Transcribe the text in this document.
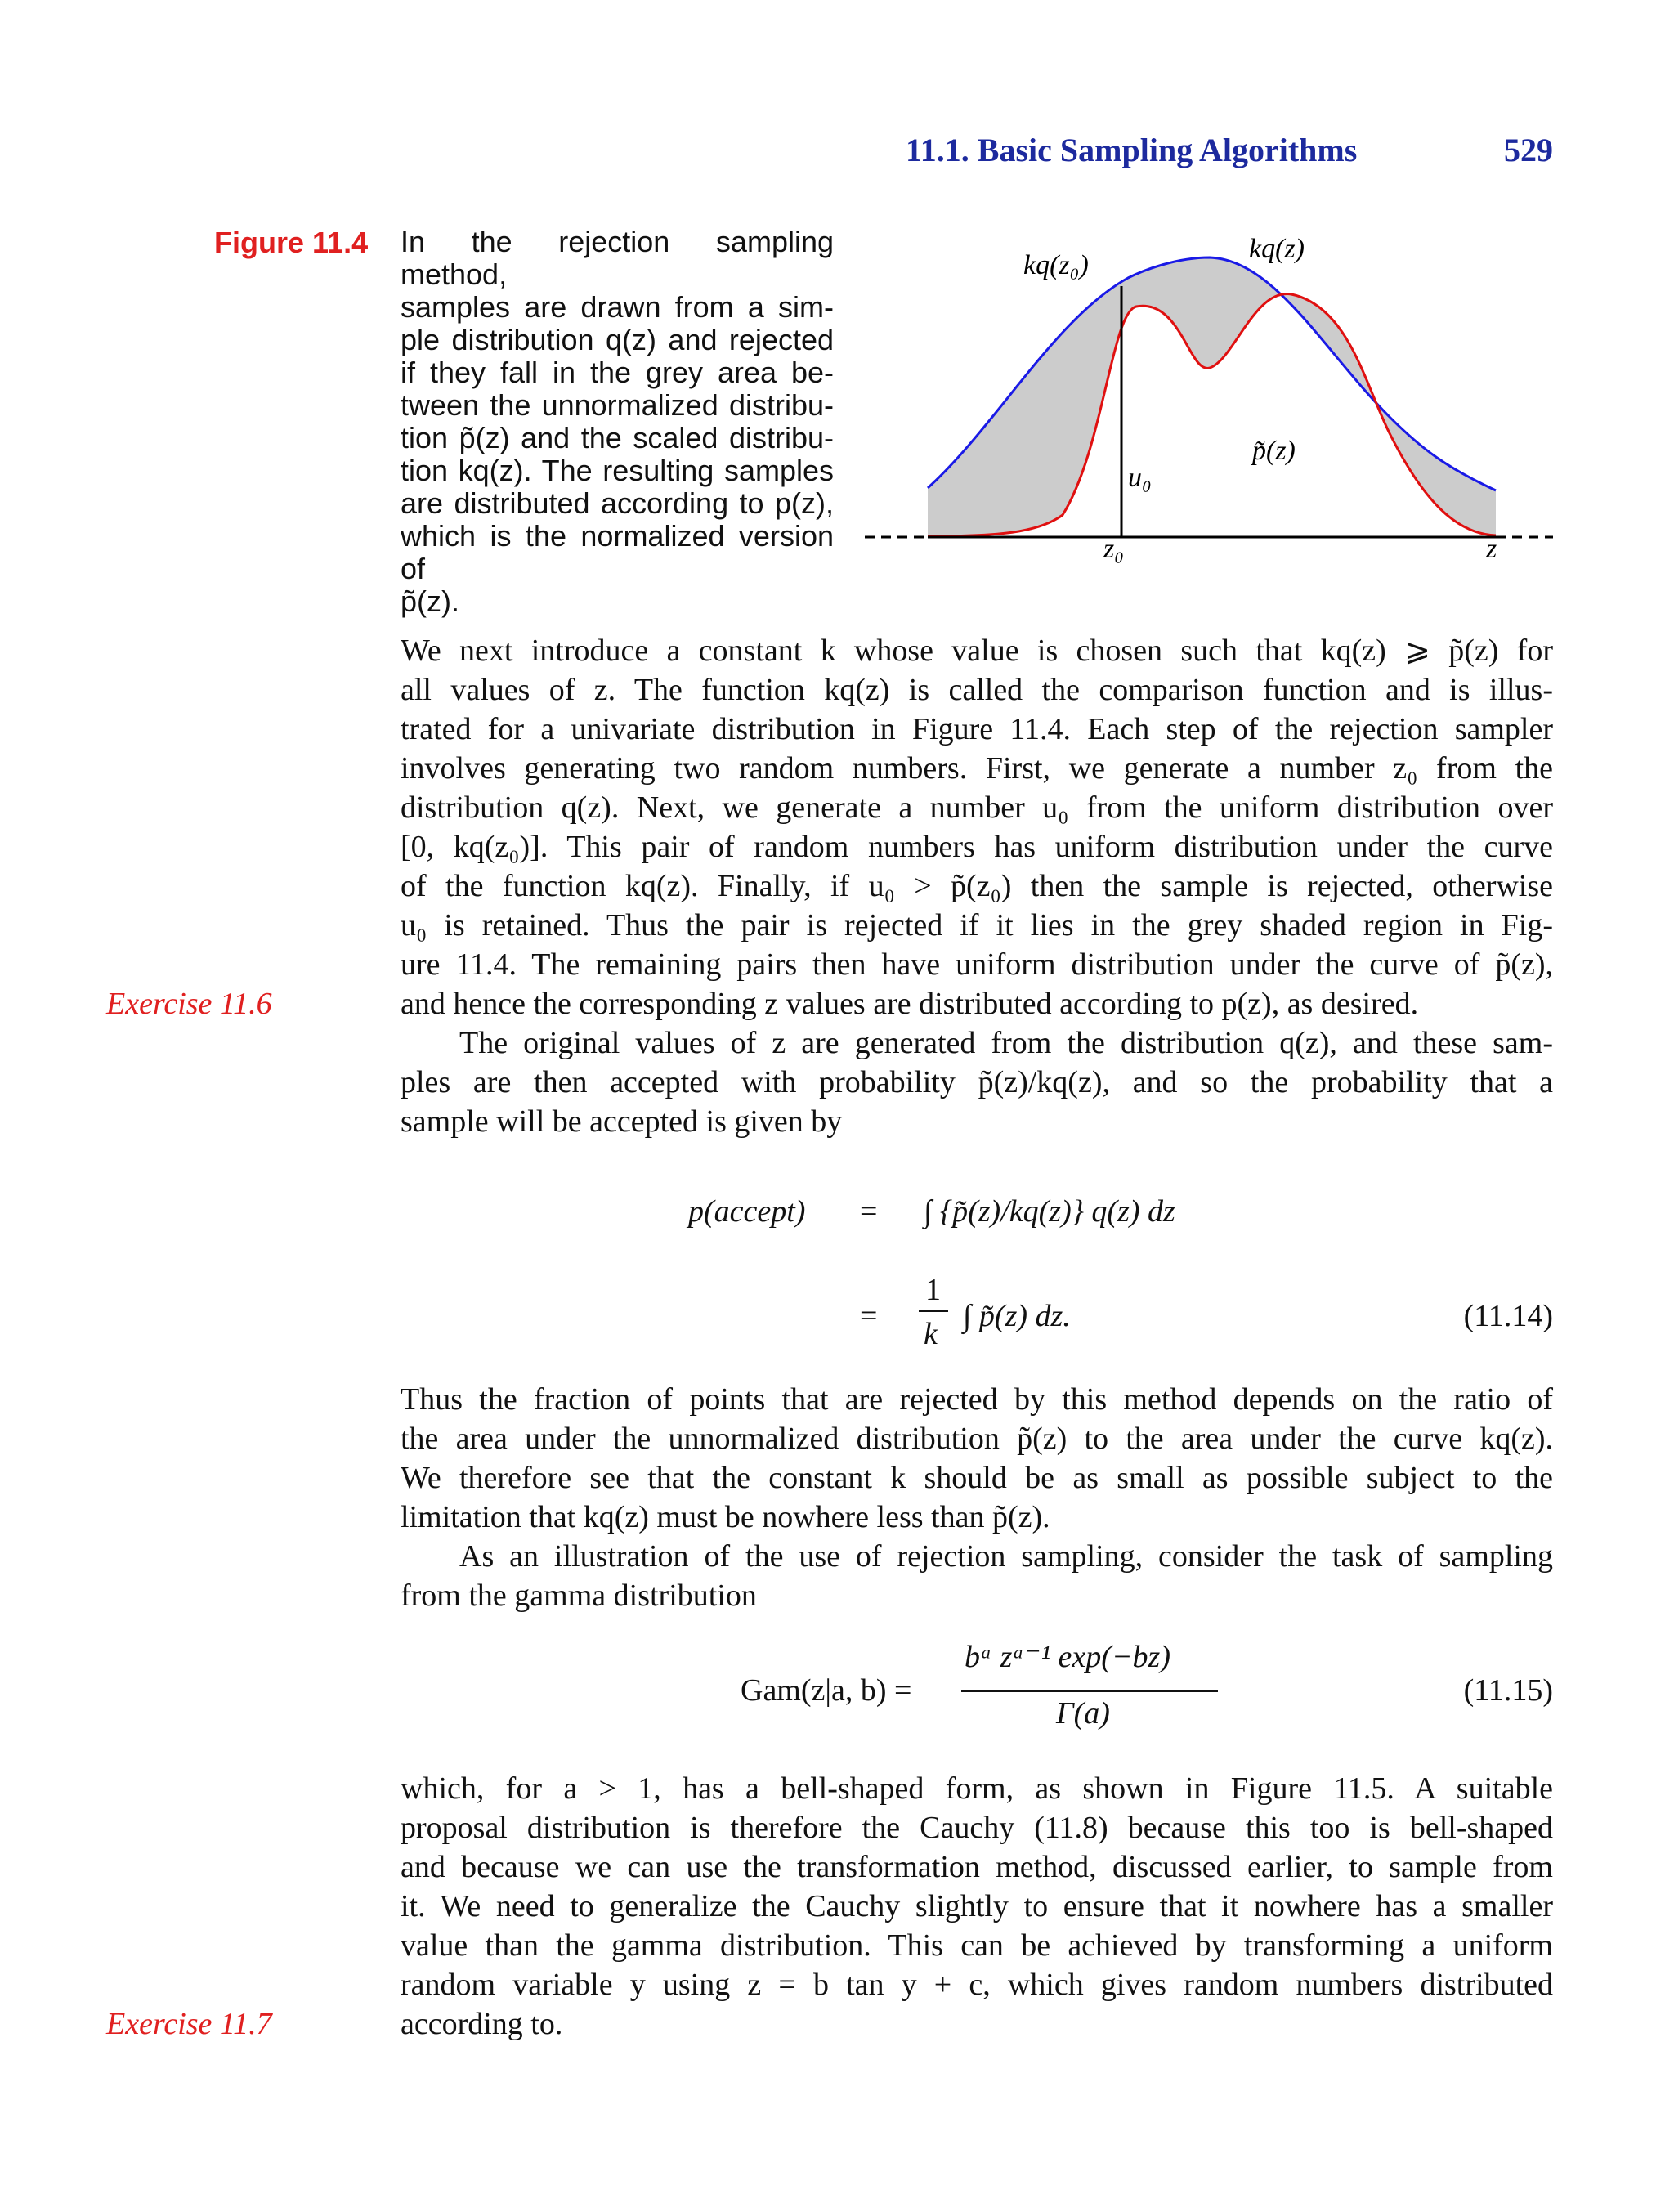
11.1. Basic Sampling Algorithms	529
Figure 11.4 In the rejection sampling method,
samples are drawn from a sim-
ple distribution q(z) and rejected
if they fall in the grey area be-
tween the unnormalized distribu-
tion p̃(z) and the scaled distribu-
tion kq(z). The resulting samples
are distributed according to p(z),
which is the normalized version of
p̃(z).
kq(z₀)
kq(z)
p̃(z)
u₀
z₀	z
We next introduce a constant k whose value is chosen such that kq(z) ⩾ p̃(z) for
all values of z. The function kq(z) is called the comparison function and is illus-
trated for a univariate distribution in Figure 11.4. Each step of the rejection sampler
involves generating two random numbers. First, we generate a number z₀ from the
distribution q(z). Next, we generate a number u₀ from the uniform distribution over
[0, kq(z₀)]. This pair of random numbers has uniform distribution under the curve
of the function kq(z). Finally, if u₀ > p̃(z₀) then the sample is rejected, otherwise
u₀ is retained. Thus the pair is rejected if it lies in the grey shaded region in Fig-
ure 11.4. The remaining pairs then have uniform distribution under the curve of p̃(z),
and hence the corresponding z values are distributed according to p(z), as desired.
Exercise 11.6
The original values of z are generated from the distribution q(z), and these sam-
ples are then accepted with probability p̃(z)/kq(z), and so the probability that a
sample will be accepted is given by
p(accept) = ∫ {p̃(z)/kq(z)} q(z) dz
=
1
k
∫ p̃(z) dz.	(11.14)
Thus the fraction of points that are rejected by this method depends on the ratio of
the area under the unnormalized distribution p̃(z) to the area under the curve kq(z).
We therefore see that the constant k should be as small as possible subject to the
limitation that kq(z) must be nowhere less than p̃(z).
As an illustration of the use of rejection sampling, consider the task of sampling
from the gamma distribution
Gam(z|a, b) =
bᵃ zᵃ⁻¹ exp(−bz)
Γ(a)
(11.15)
which, for a > 1, has a bell-shaped form, as shown in Figure 11.5. A suitable
proposal distribution is therefore the Cauchy (11.8) because this too is bell-shaped
and because we can use the transformation method, discussed earlier, to sample from
it. We need to generalize the Cauchy slightly to ensure that it nowhere has a smaller
value than the gamma distribution. This can be achieved by transforming a uniform
random variable y using z = b tan y + c, which gives random numbers distributed
according to.
Exercise 11.7
